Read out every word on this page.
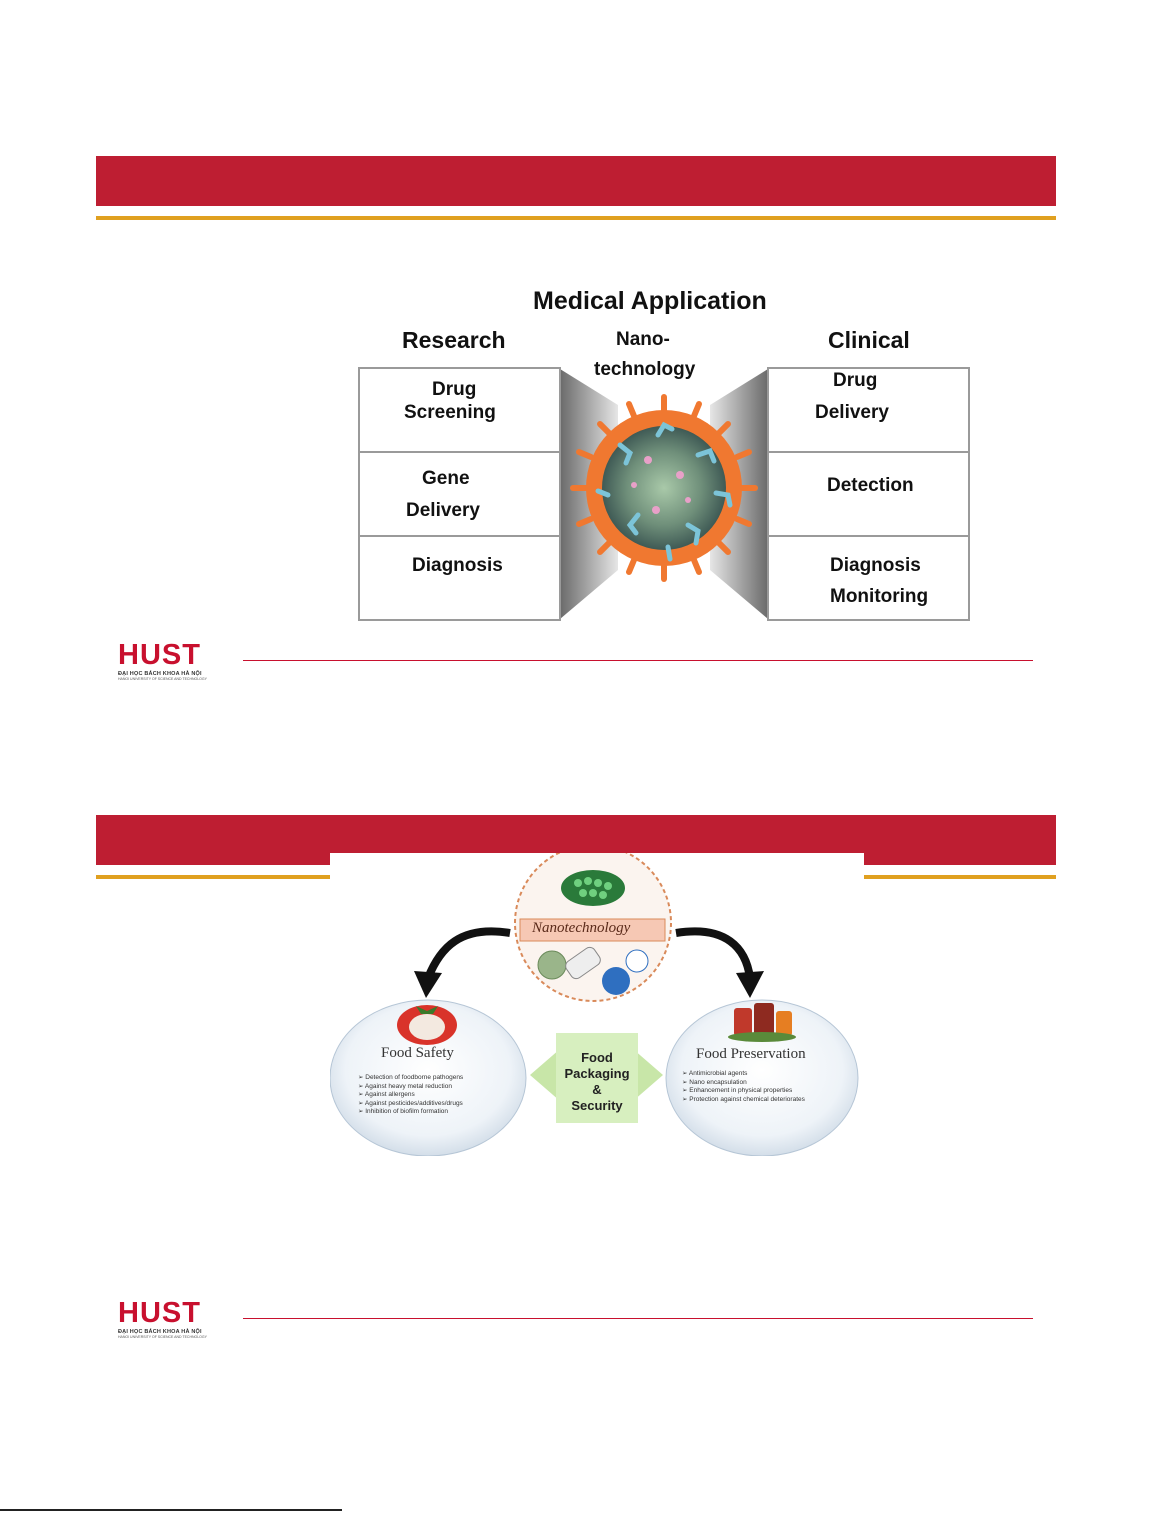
Medical Application
Research	Nano-
technology
Clinical
Drug
Screening
Gene
Delivery
Diagnosis
Drug
Delivery
Detection
Diagnosis
Monitoring
HUST
ĐẠI HỌC BÁCH KHOA HÀ NỘI
HANOI UNIVERSITY OF SCIENCE AND TECHNOLOGY
Nanotechnology
Food Safety
➢ Detection of foodborne pathogens
➢ Against heavy metal reduction
➢ Against allergens
➢ Against pesticides/additives/drugs
➢ Inhibition of biofilm formation
Food
Packaging
&
Security
Food Preservation
➢ Antimicrobial agents
➢ Nano encapsulation
➢ Enhancement in physical properties
➢ Protection against chemical deteriorates
HUST
ĐẠI HỌC BÁCH KHOA HÀ NỘI
HANOI UNIVERSITY OF SCIENCE AND TECHNOLOGY
